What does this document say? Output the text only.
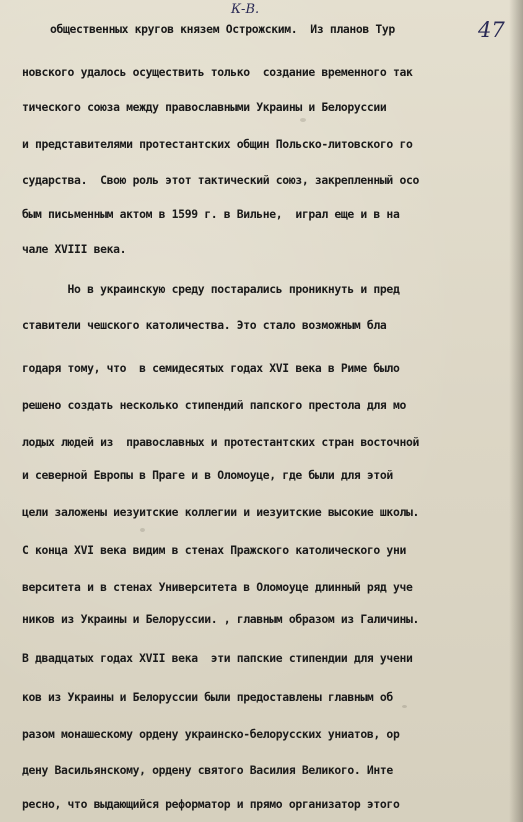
К-В.
47
общественных кругов князем Острожским.  Из планов Тур
новского удалось осуществить только  создание временного так
тического союза между православными Украины и Белоруссии
и представителями протестантских общин Польско-литовского го
сударства.  Свою роль этот тактический союз, закрепленный осо
бым письменным актом в 1599 г. в Вильне,  играл еще и в на
чале XVIII века.
Но в украинскую среду постарались проникнуть и пред
ставители чешского католичества. Это стало возможным бла
годаря тому, что  в семидесятых годах XVI века в Риме было
решено создать несколько стипендий папского престола для мо
лодых людей из  православных и протестантских стран восточной
и северной Европы в Праге и в Оломоуце, где были для этой
цели заложены иезуитские коллегии и иезуитские высокие школы.
С конца XVI века видим в стенах Пражского католического уни
верситета и в стенах Университета в Оломоуце длинный ряд уче
ников из Украины и Белоруссии. , главным образом из Галичины.
В двадцатых годах XVII века  эти папские стипендии для учени
ков из Украины и Белоруссии были предоставлены главным об
разом монашескому ордену украинско-белорусских униатов, ор
дену Васильянскому, ордену святого Василия Великого. Инте
ресно, что выдающийся реформатор и прямо организатор этого
